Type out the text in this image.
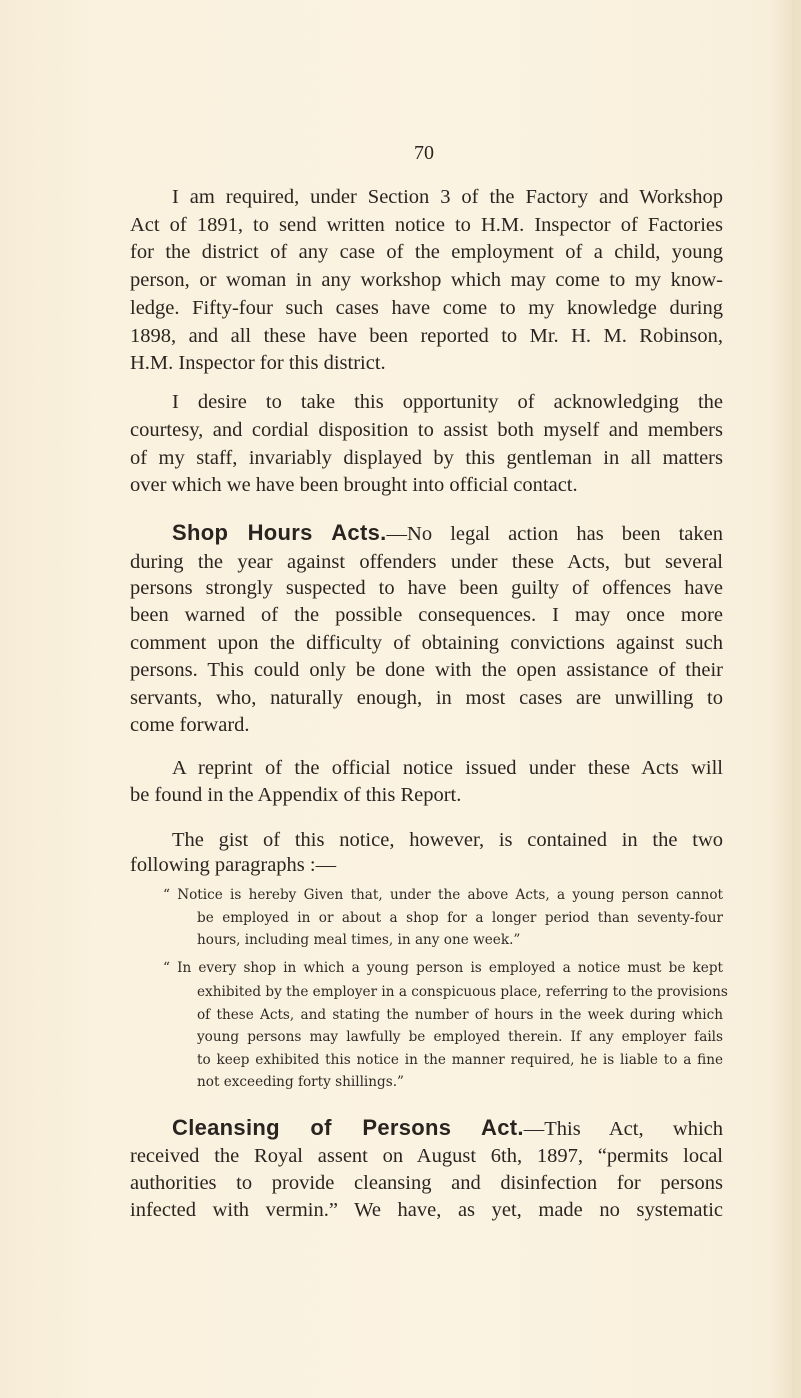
70
I am required, under Section 3 of the Factory and Workshop
Act of 1891, to send written notice to H.M. Inspector of Factories
for the district of any case of the employment of a child, young
person, or woman in any workshop which may come to my know-
ledge. Fifty-four such cases have come to my knowledge during
1898, and all these have been reported to Mr. H. M. Robinson,
H.M. Inspector for this district.
I desire to take this opportunity of acknowledging the
courtesy, and cordial disposition to assist both myself and members
of my staff, invariably displayed by this gentleman in all matters
over which we have been brought into official contact.
Shop Hours Acts.—No legal action has been taken
during the year against offenders under these Acts, but several
persons strongly suspected to have been guilty of offences have
been warned of the possible consequences. I may once more
comment upon the difficulty of obtaining convictions against such
persons. This could only be done with the open assistance of their
servants, who, naturally enough, in most cases are unwilling to
come forward.
A reprint of the official notice issued under these Acts will
be found in the Appendix of this Report.
The gist of this notice, however, is contained in the two
following paragraphs :—
“ Notice is hereby Given that, under the above Acts, a young person cannot
be employed in or about a shop for a longer period than seventy-four
hours, including meal times, in any one week.”
“ In every shop in which a young person is employed a notice must be kept
exhibited by the employer in a conspicuous place, referring to the provisions
of these Acts, and stating the number of hours in the week during which
young persons may lawfully be employed therein. If any employer fails
to keep exhibited this notice in the manner required, he is liable to a fine
not exceeding forty shillings.”
Cleansing of Persons Act.—This Act, which
received the Royal assent on August 6th, 1897, “permits local
authorities to provide cleansing and disinfection for persons
infected with vermin.” We have, as yet, made no systematic
